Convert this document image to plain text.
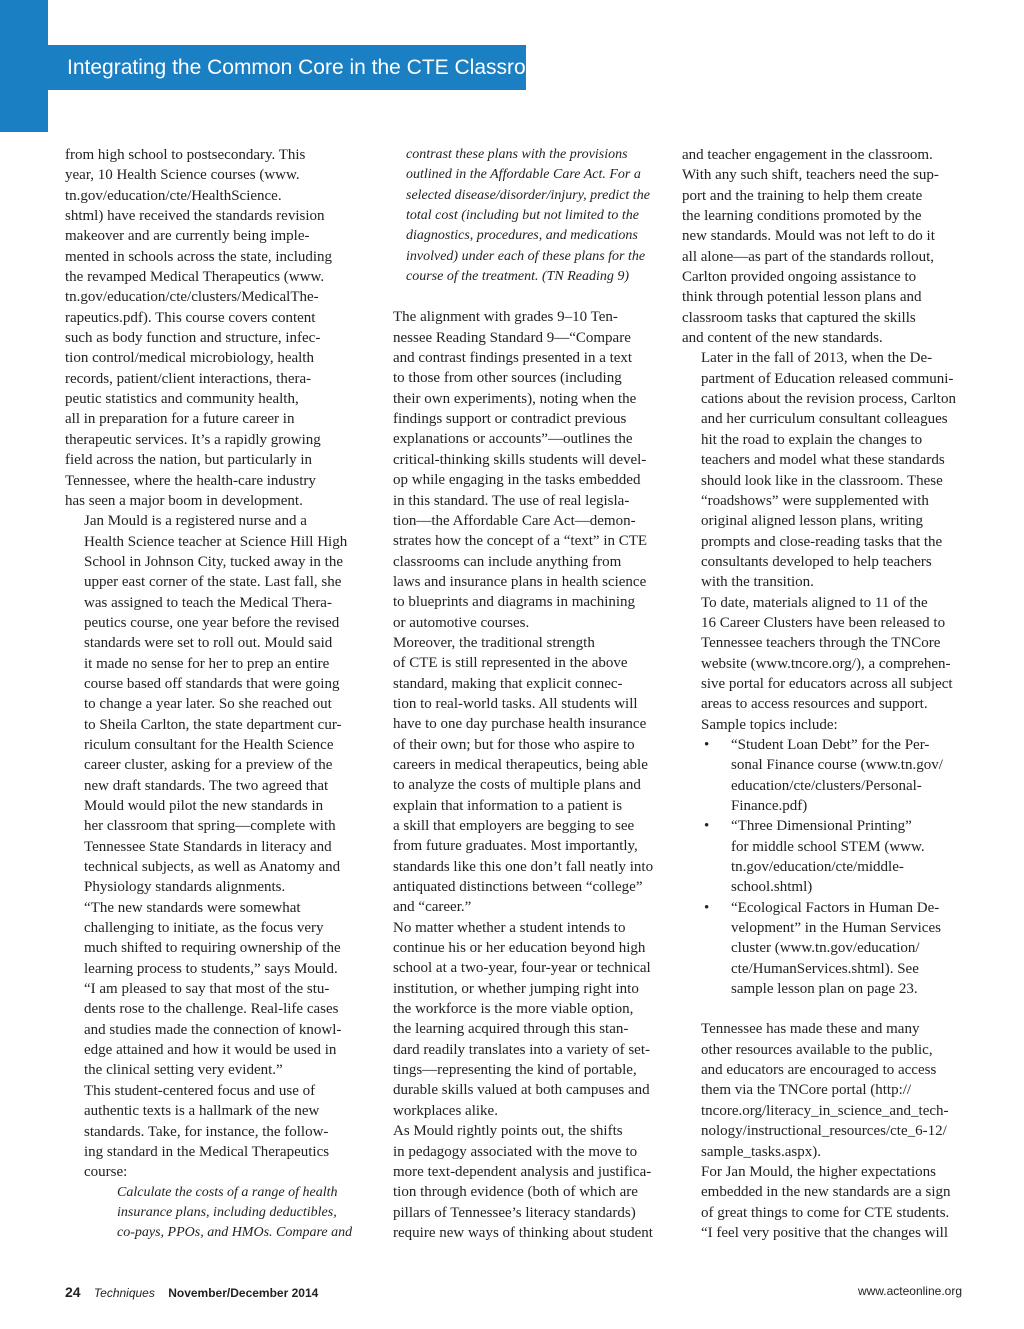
Integrating the Common Core in the CTE Classroom

from high school to postsecondary. This
year, 10 Health Science courses (www.
tn.gov/education/cte/HealthScience.
shtml) have received the standards revision
makeover and are currently being imple-
mented in schools across the state, including
the revamped Medical Therapeutics (www.
tn.gov/education/cte/clusters/MedicalThe-
rapeutics.pdf). This course covers content
such as body function and structure, infec-
tion control/medical microbiology, health
records, patient/client interactions, thera-
peutic statistics and community health,
all in preparation for a future career in
therapeutic services. It’s a rapidly growing
field across the nation, but particularly in
Tennessee, where the health-care industry
has seen a major boom in development.

Jan Mould is a registered nurse and a
Health Science teacher at Science Hill High
School in Johnson City, tucked away in the
upper east corner of the state. Last fall, she
was assigned to teach the Medical Thera-
peutics course, one year before the revised
standards were set to roll out. Mould said
it made no sense for her to prep an entire
course based off standards that were going
to change a year later. So she reached out
to Sheila Carlton, the state department cur-
riculum consultant for the Health Science
career cluster, asking for a preview of the
new draft standards. The two agreed that
Mould would pilot the new standards in
her classroom that spring—complete with
Tennessee State Standards in literacy and
technical subjects, as well as Anatomy and
Physiology standards alignments.

“The new standards were somewhat
challenging to initiate, as the focus very
much shifted to requiring ownership of the
learning process to students,” says Mould.
“I am pleased to say that most of the stu-
dents rose to the challenge. Real-life cases
and studies made the connection of knowl-
edge attained and how it would be used in
the clinical setting very evident.”

This student-centered focus and use of
authentic texts is a hallmark of the new
standards. Take, for instance, the follow-
ing standard in the Medical Therapeutics
course:

Calculate the costs of a range of health
insurance plans, including deductibles,
co-pays, PPOs, and HMOs. Compare and

contrast these plans with the provisions
outlined in the Affordable Care Act. For a
selected disease/disorder/injury, predict the
total cost (including but not limited to the
diagnostics, procedures, and medications
involved) under each of these plans for the
course of the treatment. (TN Reading 9)

The alignment with grades 9–10 Ten-
nessee Reading Standard 9—“Compare
and contrast findings presented in a text
to those from other sources (including
their own experiments), noting when the
findings support or contradict previous
explanations or accounts”—outlines the
critical-thinking skills students will devel-
op while engaging in the tasks embedded
in this standard. The use of real legisla-
tion—the Affordable Care Act—demon-
strates how the concept of a “text” in CTE
classrooms can include anything from
laws and insurance plans in health science
to blueprints and diagrams in machining
or automotive courses.

Moreover, the traditional strength
of CTE is still represented in the above
standard, making that explicit connec-
tion to real-world tasks. All students will
have to one day purchase health insurance
of their own; but for those who aspire to
careers in medical therapeutics, being able
to analyze the costs of multiple plans and
explain that information to a patient is
a skill that employers are begging to see
from future graduates. Most importantly,
standards like this one don’t fall neatly into
antiquated distinctions between “college”
and “career.”

No matter whether a student intends to
continue his or her education beyond high
school at a two-year, four-year or technical
institution, or whether jumping right into
the workforce is the more viable option,
the learning acquired through this stan-
dard readily translates into a variety of set-
tings—representing the kind of portable,
durable skills valued at both campuses and
workplaces alike.

As Mould rightly points out, the shifts
in pedagogy associated with the move to
more text-dependent analysis and justifica-
tion through evidence (both of which are
pillars of Tennessee’s literacy standards)
require new ways of thinking about student

and teacher engagement in the classroom.
With any such shift, teachers need the sup-
port and the training to help them create
the learning conditions promoted by the
new standards. Mould was not left to do it
all alone—as part of the standards rollout,
Carlton provided ongoing assistance to
think through potential lesson plans and
classroom tasks that captured the skills
and content of the new standards.

Later in the fall of 2013, when the De-
partment of Education released communi-
cations about the revision process, Carlton
and her curriculum consultant colleagues
hit the road to explain the changes to
teachers and model what these standards
should look like in the classroom. These
“roadshows” were supplemented with
original aligned lesson plans, writing
prompts and close-reading tasks that the
consultants developed to help teachers
with the transition.

To date, materials aligned to 11 of the
16 Career Clusters have been released to
Tennessee teachers through the TNCore
website (www.tncore.org/), a comprehen-
sive portal for educators across all subject
areas to access resources and support.
Sample topics include:

• “Student Loan Debt” for the Per-
sonal Finance course (www.tn.gov/
education/cte/clusters/Personal-
Finance.pdf)
• “Three Dimensional Printing”
for middle school STEM (www.
tn.gov/education/cte/middle-
school.shtml)
• “Ecological Factors in Human De-
velopment” in the Human Services
cluster (www.tn.gov/education/
cte/HumanServices.shtml). See
sample lesson plan on page 23.

Tennessee has made these and many
other resources available to the public,
and educators are encouraged to access
them via the TNCore portal (http://
tncore.org/literacy_in_science_and_tech-
nology/instructional_resources/cte_6-12/
sample_tasks.aspx).

For Jan Mould, the higher expectations
embedded in the new standards are a sign
of great things to come for CTE students.
“I feel very positive that the changes will

24 Techniques November/December 2014	www.acteonline.org
